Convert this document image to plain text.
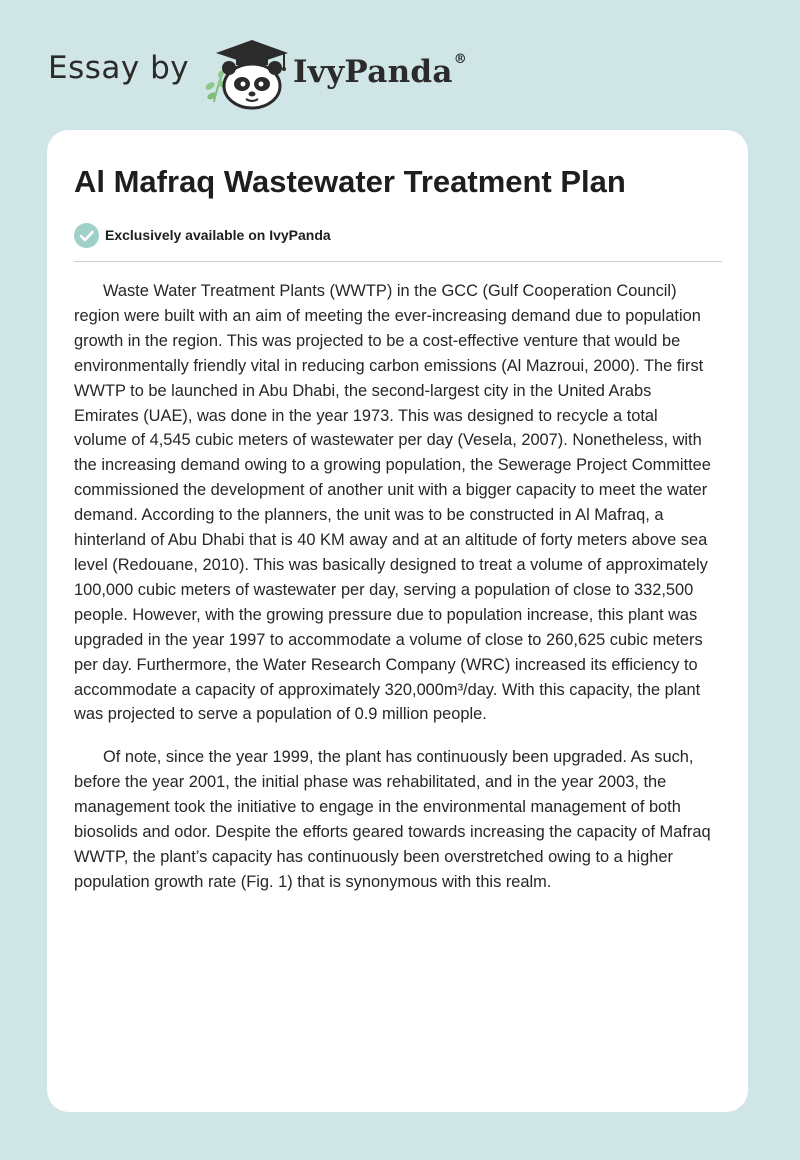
Essay by	IvyPanda®
Al Mafraq Wastewater Treatment Plan
Exclusively available on IvyPanda

Waste Water Treatment Plants (WWTP) in the GCC (Gulf Cooperation Council)
region were built with an aim of meeting the ever-increasing demand due to population
growth in the region. This was projected to be a cost-effective venture that would be
environmentally friendly vital in reducing carbon emissions (Al Mazroui, 2000). The first
WWTP to be launched in Abu Dhabi, the second-largest city in the United Arabs
Emirates (UAE), was done in the year 1973. This was designed to recycle a total
volume of 4,545 cubic meters of wastewater per day (Vesela, 2007). Nonetheless, with
the increasing demand owing to a growing population, the Sewerage Project Committee
commissioned the development of another unit with a bigger capacity to meet the water
demand. According to the planners, the unit was to be constructed in Al Mafraq, a
hinterland of Abu Dhabi that is 40 KM away and at an altitude of forty meters above sea
level (Redouane, 2010). This was basically designed to treat a volume of approximately
100,000 cubic meters of wastewater per day, serving a population of close to 332,500
people. However, with the growing pressure due to population increase, this plant was
upgraded in the year 1997 to accommodate a volume of close to 260,625 cubic meters
per day. Furthermore, the Water Research Company (WRC) increased its efficiency to
accommodate a capacity of approximately 320,000m³/day. With this capacity, the plant
was projected to serve a population of 0.9 million people.

Of note, since the year 1999, the plant has continuously been upgraded. As such,
before the year 2001, the initial phase was rehabilitated, and in the year 2003, the
management took the initiative to engage in the environmental management of both
biosolids and odor. Despite the efforts geared towards increasing the capacity of Mafraq
WWTP, the plant’s capacity has continuously been overstretched owing to a higher
population growth rate (Fig. 1) that is synonymous with this realm.
